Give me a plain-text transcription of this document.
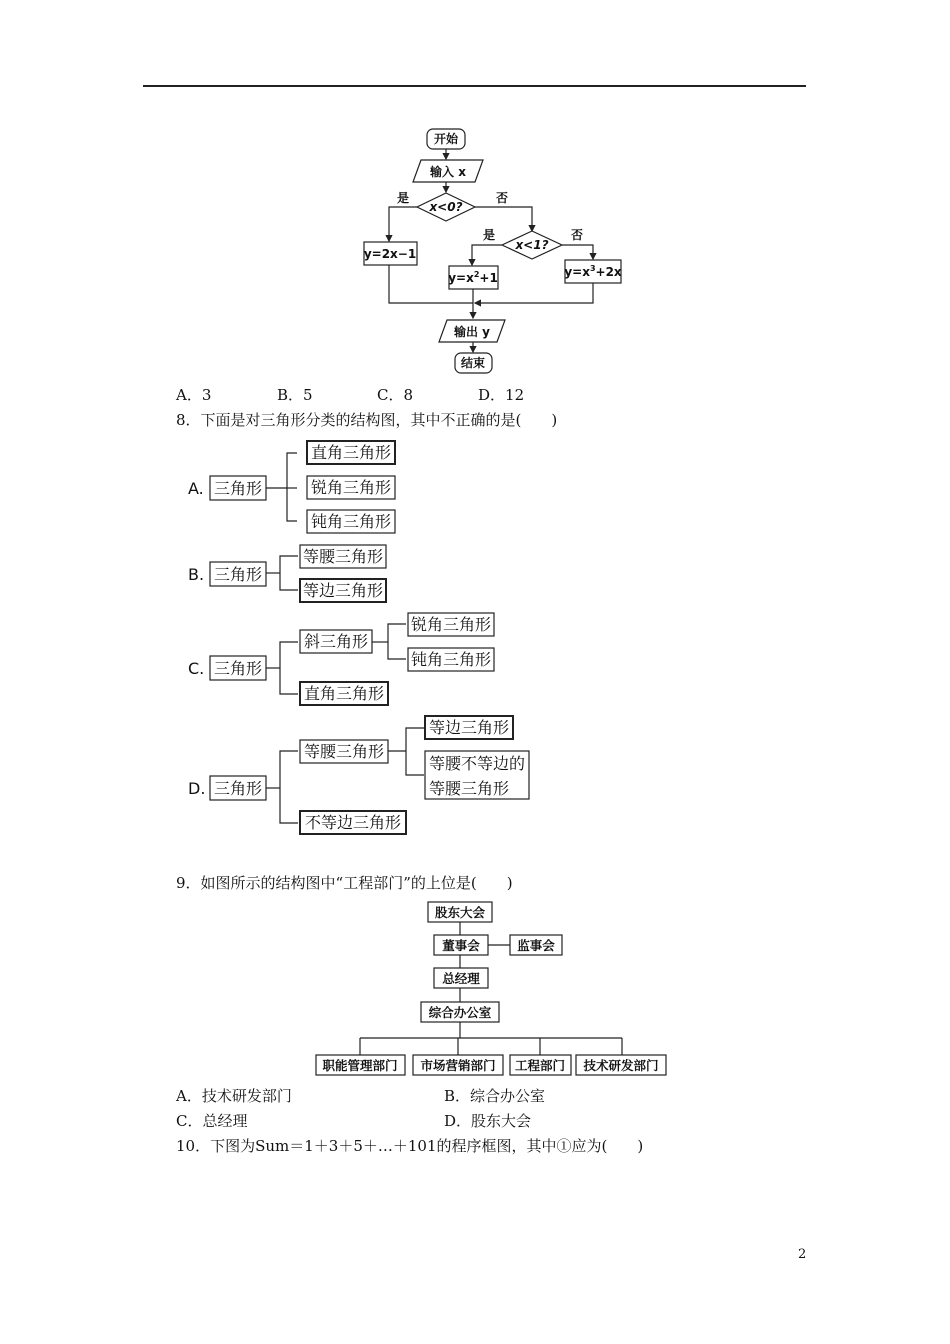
开始
输入 x
x<0?
是	否
x<1?
是	否
y=2x−1
$y=x^2+1$	$y=x^3+2x$
输出 y
结束
A．3	B．5	C．8	D．12
8．下面是对三角形分类的结构图，其中不正确的是(　　)
A. 三角形
直角三角形
锐角三角形
钝角三角形
B. 三角形
等腰三角形
等边三角形
C. 三角形
斜三角形
锐角三角形
钝角三角形
直角三角形
D. 三角形
等腰三角形
等边三角形
等腰不等边的
等腰三角形
不等边三角形
9．如图所示的结构图中“工程部门”的上位是(　　)
股东大会
董事会	监事会
总经理
综合办公室
职能管理部门 市场营销部门 工程部门 技术研发部门
A．技术研发部门	B．综合办公室
C．总经理	D．股东大会
10．下图为Sum＝1＋3＋5＋…＋101的程序框图，其中①应为(　　)
2
